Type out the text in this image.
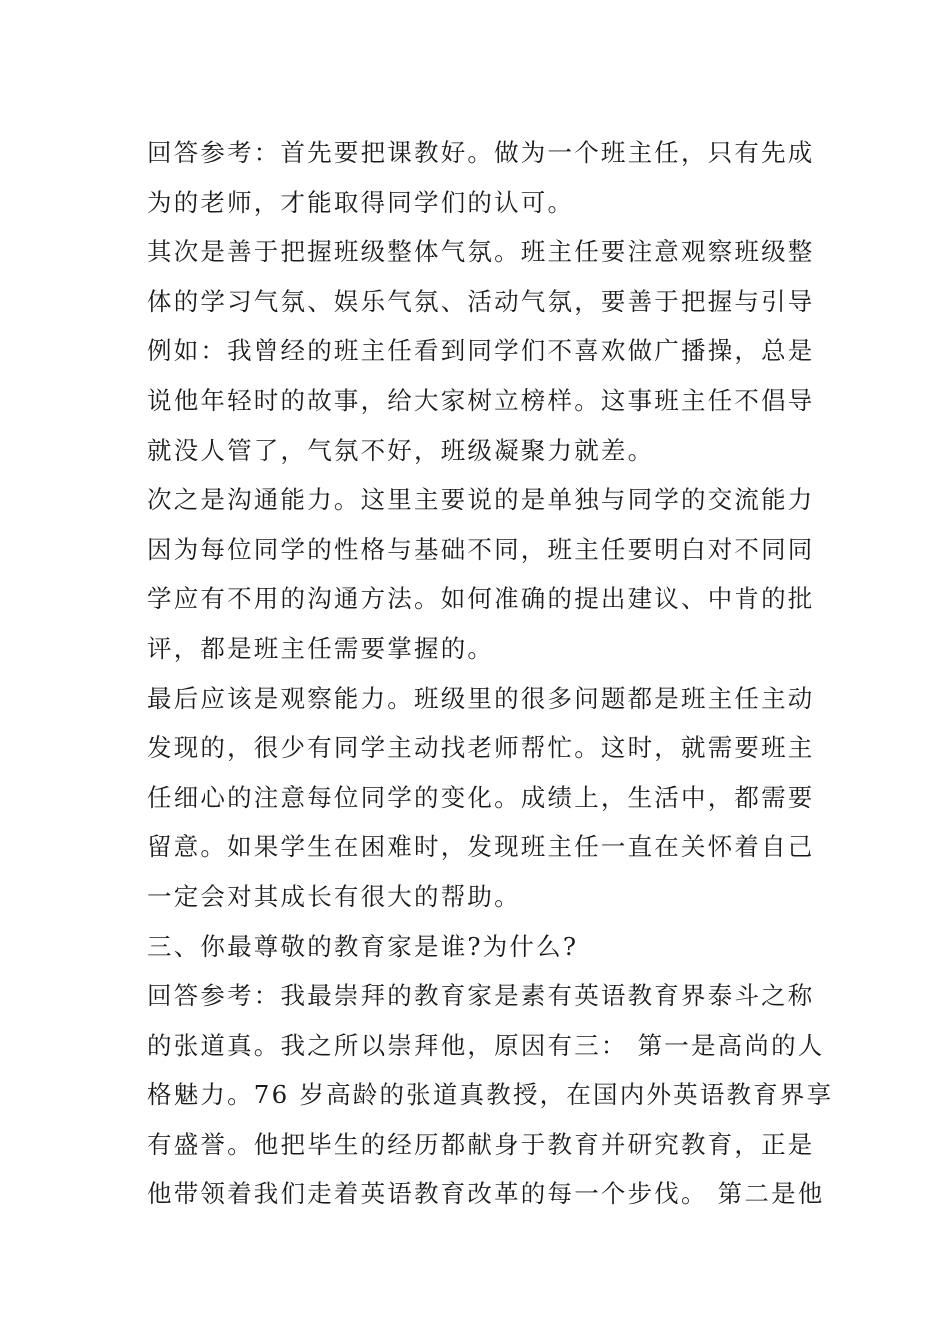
回答参考：首先要把课教好。做为一个班主任，只有先成
为的老师，才能取得同学们的认可。
其次是善于把握班级整体气氛。班主任要注意观察班级整
体的学习气氛、娱乐气氛、活动气氛，要善于把握与引导
例如：我曾经的班主任看到同学们不喜欢做广播操，总是
说他年轻时的故事，给大家树立榜样。这事班主任不倡导
就没人管了，气氛不好，班级凝聚力就差。
次之是沟通能力。这里主要说的是单独与同学的交流能力
因为每位同学的性格与基础不同，班主任要明白对不同同
学应有不用的沟通方法。如何准确的提出建议、中肯的批
评，都是班主任需要掌握的。
最后应该是观察能力。班级里的很多问题都是班主任主动
发现的，很少有同学主动找老师帮忙。这时，就需要班主
任细心的注意每位同学的变化。成绩上，生活中，都需要
留意。如果学生在困难时，发现班主任一直在关怀着自己
一定会对其成长有很大的帮助。
三、你最尊敬的教育家是谁?为什么?
回答参考：我最崇拜的教育家是素有英语教育界泰斗之称
的张道真。我之所以崇拜他，原因有三： 第一是高尚的人
格魅力。76 岁高龄的张道真教授，在国内外英语教育界享
有盛誉。他把毕生的经历都献身于教育并研究教育，正是
他带领着我们走着英语教育改革的每一个步伐。 第二是他
